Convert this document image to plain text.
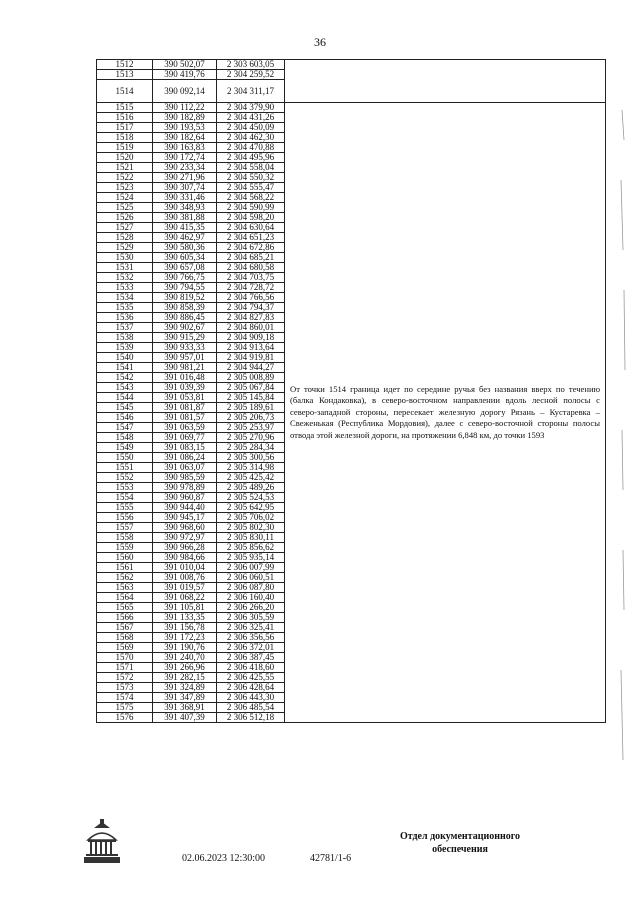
36
1512	390 502,07	2 303 603,05	
1513	390 419,76	2 304 259,52	
1514	390 092,14	2 304 311,17	
1515	390 112,22	2 304 379,90	От точки 1514 граница идет по середине ручья без названия вверх по течению (балка Кондаковка), в северо-восточном направлении вдоль лесной полосы с северо-западной стороны, пересекает железную дорогу Рязань – Кустаревка – Свеженькая (Республика Мордовия), далее с северо-восточной стороны полосы отвода этой железной дороги, на протяжении 6,848 км, до точки 1593
1516	390 182,89	2 304 431,26	
1517	390 193,53	2 304 450,09	
1518	390 182,64	2 304 462,30	
1519	390 163,83	2 304 470,88	
1520	390 172,74	2 304 495,96	
1521	390 233,34	2 304 558,04	
1522	390 271,96	2 304 550,32	
1523	390 307,74	2 304 555,47	
1524	390 331,46	2 304 568,22	
1525	390 348,93	2 304 590,99	
1526	390 381,88	2 304 598,20	
1527	390 415,35	2 304 630,64	
1528	390 462,97	2 304 651,23	
1529	390 580,36	2 304 672,86	
1530	390 605,34	2 304 685,21	
1531	390 657,08	2 304 680,58	
1532	390 766,75	2 304 703,75	
1533	390 794,55	2 304 728,72	
1534	390 819,52	2 304 766,56	
1535	390 858,39	2 304 794,37	
1536	390 886,45	2 304 827,83	
1537	390 902,67	2 304 860,01	
1538	390 915,29	2 304 909,18	
1539	390 933,33	2 304 913,64	
1540	390 957,01	2 304 919,81	
1541	390 981,21	2 304 944,27	
1542	391 016,48	2 305 008,89	
1543	391 039,39	2 305 067,84	
1544	391 053,81	2 305 145,84	
1545	391 081,87	2 305 189,61	
1546	391 081,57	2 305 206,73	
1547	391 063,59	2 305 253,97	
1548	391 069,77	2 305 270,96	
1549	391 083,15	2 305 284,34	
1550	391 086,24	2 305 300,56	
1551	391 063,07	2 305 314,98	
1552	390 985,59	2 305 425,42	
1553	390 978,89	2 305 489,26	
1554	390 960,87	2 305 524,53	
1555	390 944,40	2 305 642,95	
1556	390 945,17	2 305 706,02	
1557	390 968,60	2 305 802,30	
1558	390 972,97	2 305 830,11	
1559	390 966,28	2 305 856,62	
1560	390 984,66	2 305 935,14	
1561	391 010,04	2 306 007,99	
1562	391 008,76	2 306 060,51	
1563	391 019,57	2 306 087,80	
1564	391 068,22	2 306 160,40	
1565	391 105,81	2 306 266,20	
1566	391 133,35	2 306 305,59	
1567	391 156,78	2 306 325,41	
1568	391 172,23	2 306 356,56	
1569	391 190,76	2 306 372,01	
1570	391 240,70	2 306 387,45	
1571	391 266,96	2 306 418,60	
1572	391 282,15	2 306 425,55	
1573	391 324,89	2 306 428,64	
1574	391 347,89	2 306 443,30	
1575	391 368,91	2 306 485,54	
1576	391 407,39	2 306 512,18	
02.06.2023 12:30:00	42781/1-6
Отдел документационного
обеспечения
